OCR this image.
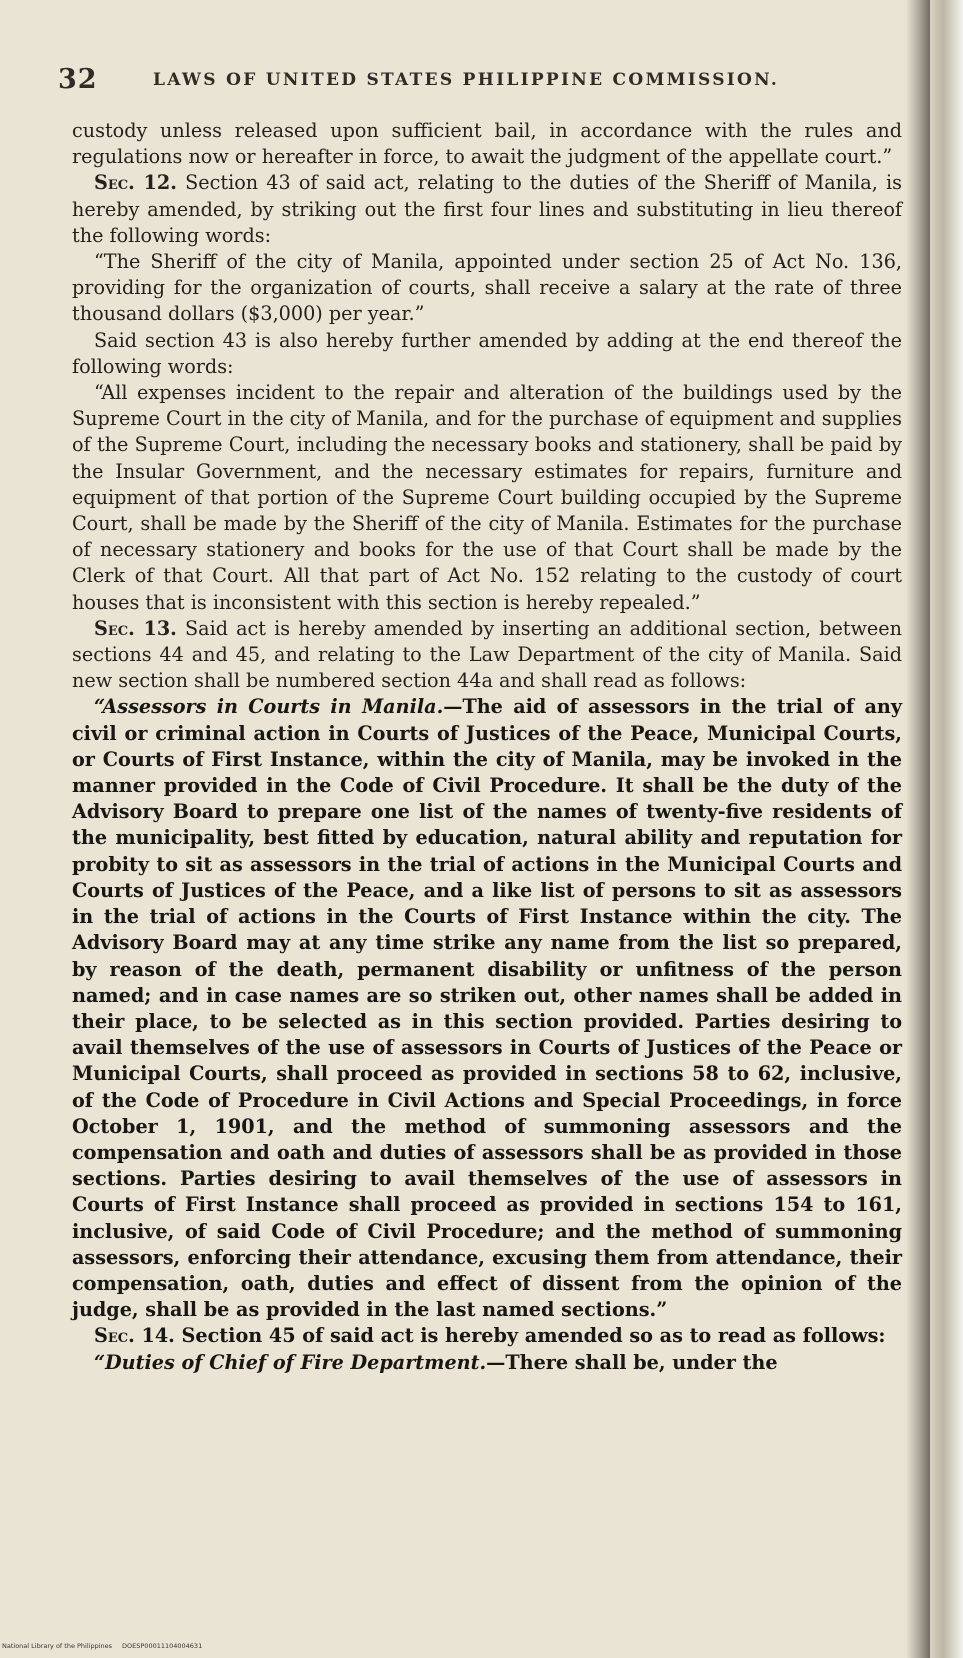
32	LAWS OF UNITED STATES PHILIPPINE COMMISSION.

custody unless released upon sufficient bail, in accordance with the rules and regulations now or hereafter in force, to await the judgment of the appellate court.”

Sec. 12. Section 43 of said act, relating to the duties of the Sheriff of Manila, is hereby amended, by striking out the first four lines and substituting in lieu thereof the following words:

“The Sheriff of the city of Manila, appointed under section 25 of Act No. 136, providing for the organization of courts, shall receive a salary at the rate of three thousand dollars ($3,000) per year.”

Said section 43 is also hereby further amended by adding at the end thereof the following words:

“All expenses incident to the repair and alteration of the buildings used by the Supreme Court in the city of Manila, and for the purchase of equipment and supplies of the Supreme Court, including the necessary books and stationery, shall be paid by the Insular Government, and the necessary estimates for repairs, furniture and equipment of that portion of the Supreme Court building occupied by the Supreme Court, shall be made by the Sheriff of the city of Manila. Estimates for the purchase of necessary stationery and books for the use of that Court shall be made by the Clerk of that Court. All that part of Act No. 152 relating to the custody of court houses that is inconsistent with this section is hereby repealed.”

Sec. 13. Said act is hereby amended by inserting an additional section, between sections 44 and 45, and relating to the Law Department of the city of Manila. Said new section shall be numbered section 44a and shall read as follows:

“Assessors in Courts in Manila.—The aid of assessors in the trial of any civil or criminal action in Courts of Justices of the Peace, Municipal Courts, or Courts of First Instance, within the city of Manila, may be invoked in the manner provided in the Code of Civil Procedure. It shall be the duty of the Advisory Board to prepare one list of the names of twenty-five residents of the municipality, best fitted by education, natural ability and reputation for probity to sit as assessors in the trial of actions in the Municipal Courts and Courts of Justices of the Peace, and a like list of persons to sit as assessors in the trial of actions in the Courts of First Instance within the city. The Advisory Board may at any time strike any name from the list so prepared, by reason of the death, permanent disability or unfitness of the person named; and in case names are so striken out, other names shall be added in their place, to be selected as in this section provided. Parties desiring to avail themselves of the use of assessors in Courts of Justices of the Peace or Municipal Courts, shall proceed as provided in sections 58 to 62, inclusive, of the Code of Procedure in Civil Actions and Special Proceedings, in force October 1, 1901, and the method of summoning assessors and the compensation and oath and duties of assessors shall be as provided in those sections. Parties desiring to avail themselves of the use of assessors in Courts of First Instance shall proceed as provided in sections 154 to 161, inclusive, of said Code of Civil Procedure; and the method of summoning assessors, enforcing their attendance, excusing them from attendance, their compensation, oath, duties and effect of dissent from the opinion of the judge, shall be as provided in the last named sections.”

Sec. 14. Section 45 of said act is hereby amended so as to read as follows:

“Duties of Chief of Fire Department.—There shall be, under the

National Library of the Philippines DOESP00011104004631
